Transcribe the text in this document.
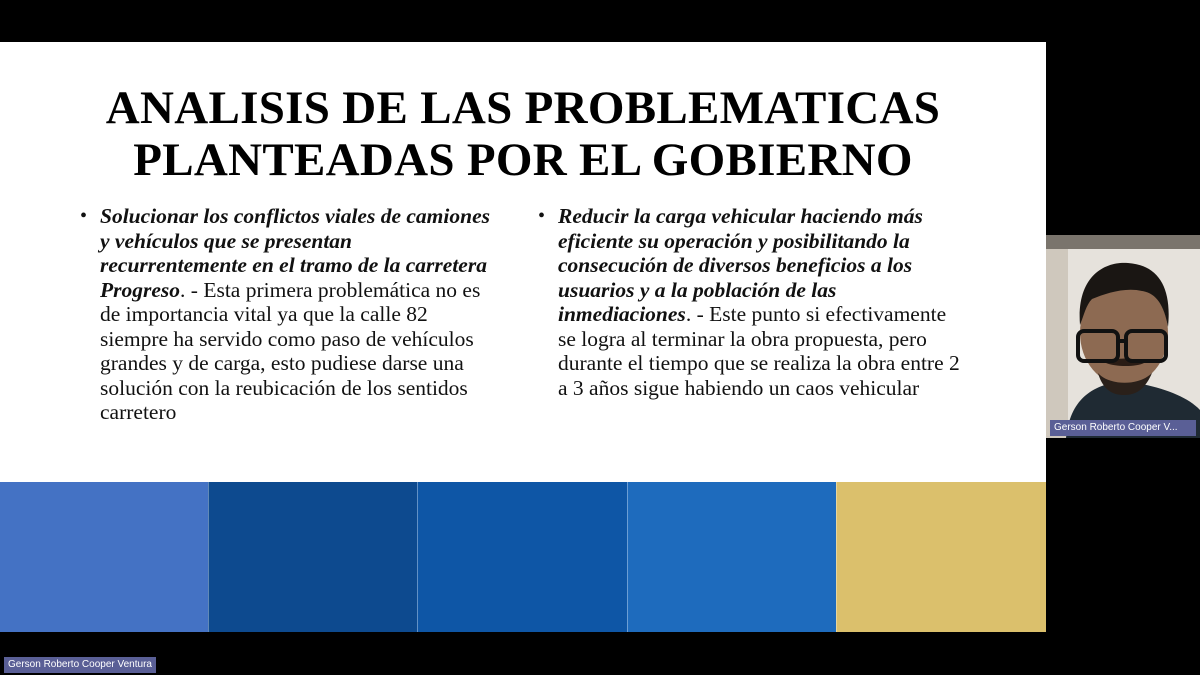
ANALISIS DE LAS PROBLEMATICAS
PLANTEADAS POR EL GOBIERNO
• Solucionar los conflictos viales de camiones y vehículos que se presentan recurrentemente en el tramo de la carretera Progreso. - Esta primera problemática no es de importancia vital ya que la calle 82 siempre ha servido como paso de vehículos grandes y de carga, esto pudiese darse una solución con la reubicación de los sentidos carretero
• Reducir la carga vehicular haciendo más eficiente su operación y posibilitando la consecución de diversos beneficios a los usuarios y a la población de las inmediaciones. - Este punto si efectivamente se logra al terminar la obra propuesta, pero durante el tiempo que se realiza la obra entre 2 a 3 años sigue habiendo un caos vehicular
Gerson Roberto Cooper V...
Gerson Roberto Cooper Ventura
